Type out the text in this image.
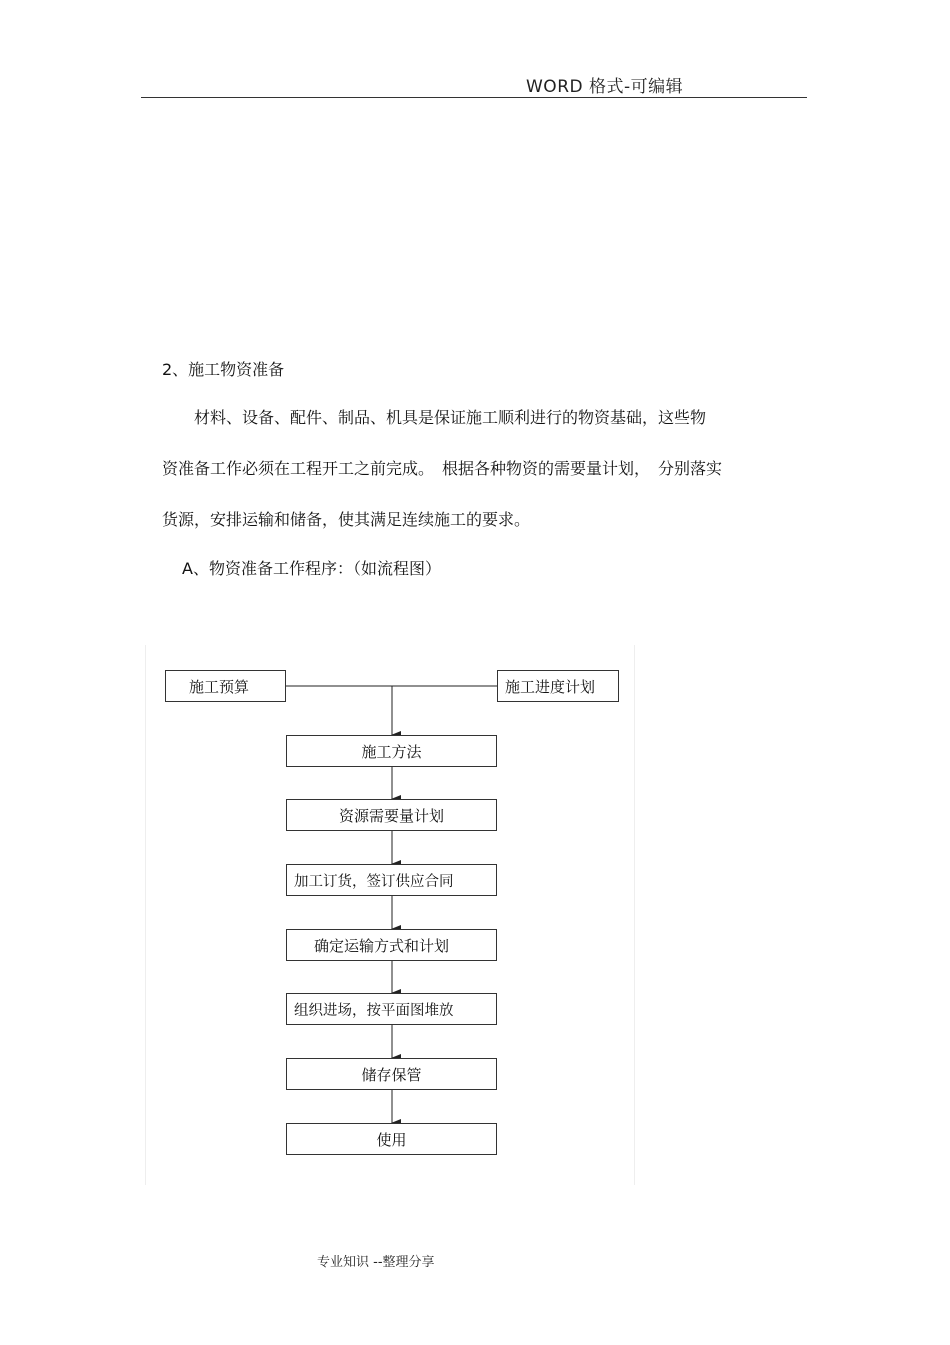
WORD 格式-可编辑
2、施工物资准备
　　材料、设备、配件、制品、机具是保证施工顺利进行的物资基础，这些物
资准备工作必须在工程开工之前完成。　根据各种物资的需要量计划，　分别落实
货源，安排运输和储备，使其满足连续施工的要求。
A、物资准备工作程序：（如流程图）
施工预算	施工进度计划
施工方法
资源需要量计划
加工订货，签订供应合同
确定运输方式和计划
组织进场，按平面图堆放
储存保管
使用
专业知识 --整理分享
